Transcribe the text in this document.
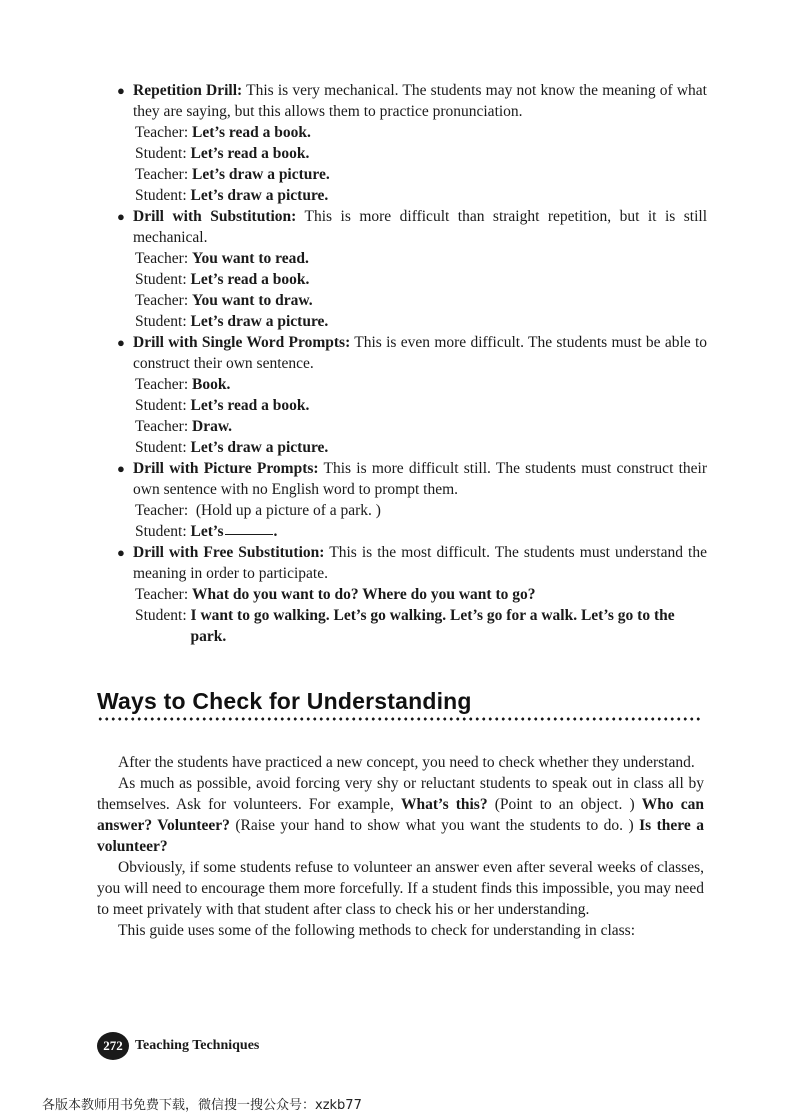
● Repetition Drill: This is very mechanical. The students may not know the meaning of what they are saying, but this allows them to practice pronunciation.
Teacher: Let’s read a book.
Student: Let’s read a book.
Teacher: Let’s draw a picture.
Student: Let’s draw a picture.
● Drill with Substitution: This is more difficult than straight repetition, but it is still mechanical.
Teacher: You want to read.
Student: Let’s read a book.
Teacher: You want to draw.
Student: Let’s draw a picture.
● Drill with Single Word Prompts: This is even more difficult. The students must be able to construct their own sentence.
Teacher: Book.
Student: Let’s read a book.
Teacher: Draw.
Student: Let’s draw a picture.
● Drill with Picture Prompts: This is more difficult still. The students must construct their own sentence with no English word to prompt them.
Teacher: (Hold up a picture of a park. )
Student: Let’s	.
● Drill with Free Substitution: This is the most difficult. The students must understand the meaning in order to participate.
Teacher: What do you want to do? Where do you want to go?
Student: I want to go walking. Let’s go walking. Let’s go for a walk. Let’s go to the park.
Ways to Check for Understanding

After the students have practiced a new concept, you need to check whether they understand.

As much as possible, avoid forcing very shy or reluctant students to speak out in class all by themselves. Ask for volunteers. For example, What’s this? (Point to an object. ) Who can answer? Volunteer? (Raise your hand to show what you want the students to do. ) Is there a volunteer?

Obviously, if some students refuse to volunteer an answer even after several weeks of classes, you will need to encourage them more forcefully. If a student finds this impossible, you may need to meet privately with that student after class to check his or her understanding.

This guide uses some of the following methods to check for understanding in class:

272 Teaching Techniques
各版本教师用书免费下载，微信搜一搜公众号：xzkb77
